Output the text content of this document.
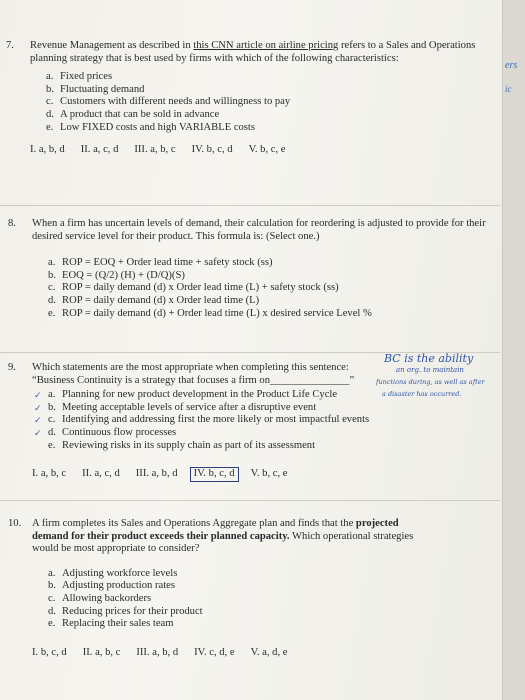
ers
ic
7. Revenue Management as described in this CNN article on airline pricing refers to a Sales and Operations planning strategy that is best used by firms with which of the following characteristics:
a. Fixed prices
b. Fluctuating demand
c. Customers with different needs and willingness to pay
d. A product that can be sold in advance
e. Low FIXED costs and high VARIABLE costs
I. a, b, d II. a, c, d III. a, b, c IV. b, c, d V. b, c, e
8. When a firm has uncertain levels of demand, their calculation for reordering is adjusted to provide for their desired service level for their product. This formula is: (Select one.)
a. ROP = EOQ + Order lead time + safety stock (ss)
b. EOQ = (Q/2) (H) + (D/Q)(S)
c. ROP = daily demand (d) x Order lead time (L) + safety stock (ss)
d. ROP = daily demand (d) x Order lead time (L)
e. ROP = daily demand (d) + Order lead time (L) x desired service Level %
9. Which statements are the most appropriate when completing this sentence: “Business Continuity is a strategy that focuses a firm on_______________”
✓ a. Planning for new product development in the Product Life Cycle
✓ b. Meeting acceptable levels of service after a disruptive event
✓ c. Identifying and addressing first the more likely or most impactful events
✓ d. Continuous flow processes
e. Reviewing risks in its supply chain as part of its assessment
I. a, b, c II. a, c, d III. a, b, d	IV. b, c, d	V. b, c, e
BC is the ability
an org. to maintain
functions during, as well as after
a disaster has occurred.
10. A firm completes its Sales and Operations Aggregate plan and finds that the projected demand for their product exceeds their planned capacity. Which operational strategies would be most appropriate to consider?
a. Adjusting workforce levels
b. Adjusting production rates
c. Allowing backorders
d. Reducing prices for their product
e. Replacing their sales team
I. b, c, d II. a, b, c III. a, b, d IV. c, d, e V. a, d, e
